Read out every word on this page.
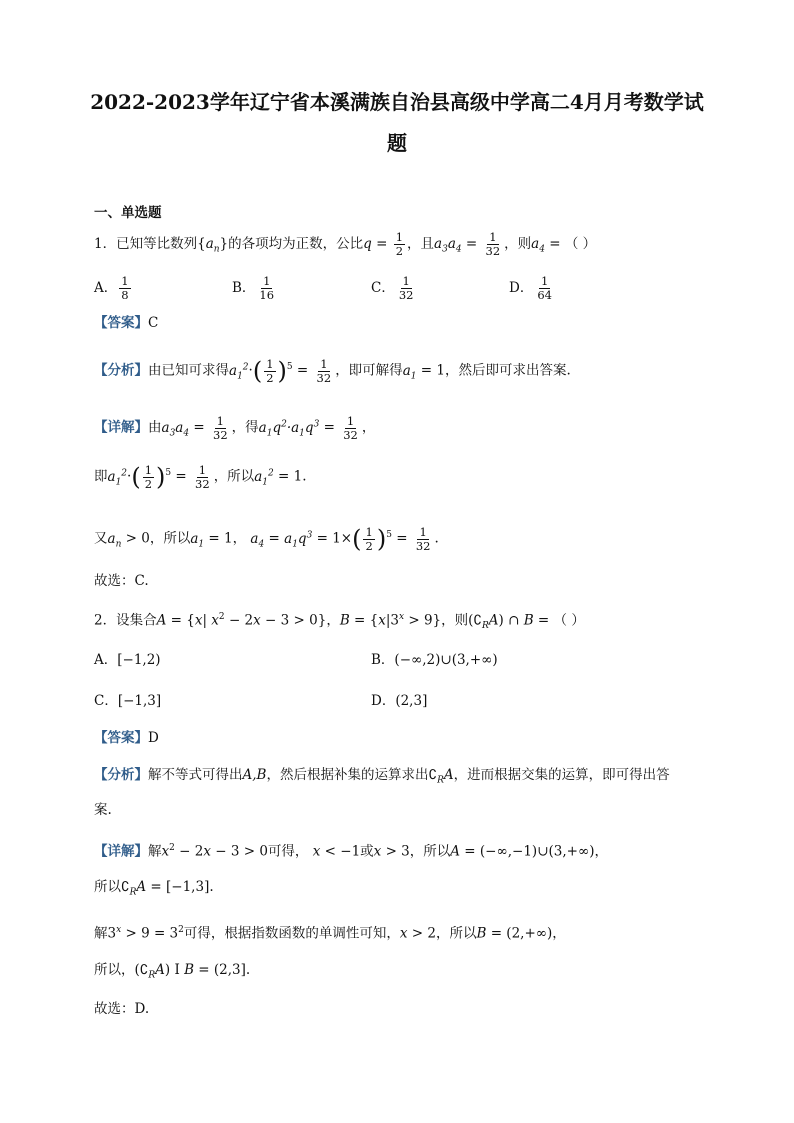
2022-2023学年辽宁省本溪满族自治县高级中学高二4月月考数学试
题
一、单选题
1．已知等比数列$\{a_n\}$的各项均为正数，公比$q = \frac{1}{2}$ ，且$a_3a_4 = \frac{1}{32}$ ，则$a_4$ = （ ）
A． $\frac{1}{8}$	B． $\frac{1}{16}$	C． $\frac{1}{32}$	D． $\frac{1}{64}$
【答案】C
【分析】由已知可求得$a_1^2\cdot( \frac{1}{2} )^5 = \frac{1}{32}$ ，即可解得$a_1 = 1$，然后即可求出答案.
【详解】由$a_3a_4 = \frac{1}{32}$ ，得$a_1q^2\cdot a_1q^3 = \frac{1}{32}$ ，
即$a_1^2\cdot( \frac{1}{2} )^5 = \frac{1}{32}$ ，所以$a_1^2 = 1$.
又$a_n > 0$，所以$a_1 = 1$， $a_4 = a_1q^3 = 1\times( \frac{1}{2} )^5 = \frac{1}{32}$ .
故选：C.
2．设集合A = {x| $x^2 - 2x - 3 > 0$}，$B = \{x|3^x > 9\}$，则$(∁_RA)$ ∩ B = （ ）
A．[−1,2)	B．(−∞,2)∪(3,+∞)
C．[−1,3]	D．(2,3]
【答案】D
【分析】解不等式可得出A,B，然后根据补集的运算求出$∁_RA$，进而根据交集的运算，即可得出答
案.
【详解】解$x^2 - 2x - 3 > 0$可得， x < −1或x > 3，所以A = (−∞,−1)∪(3,+∞)，
所以$∁_RA = [-1,3]$.
解$3^x > 9 = 3^2$可得，根据指数函数的单调性可知，x > 2，所以B = (2,+∞)，
所以，$(∁_RA)$ I B = (2,3].
故选：D.
